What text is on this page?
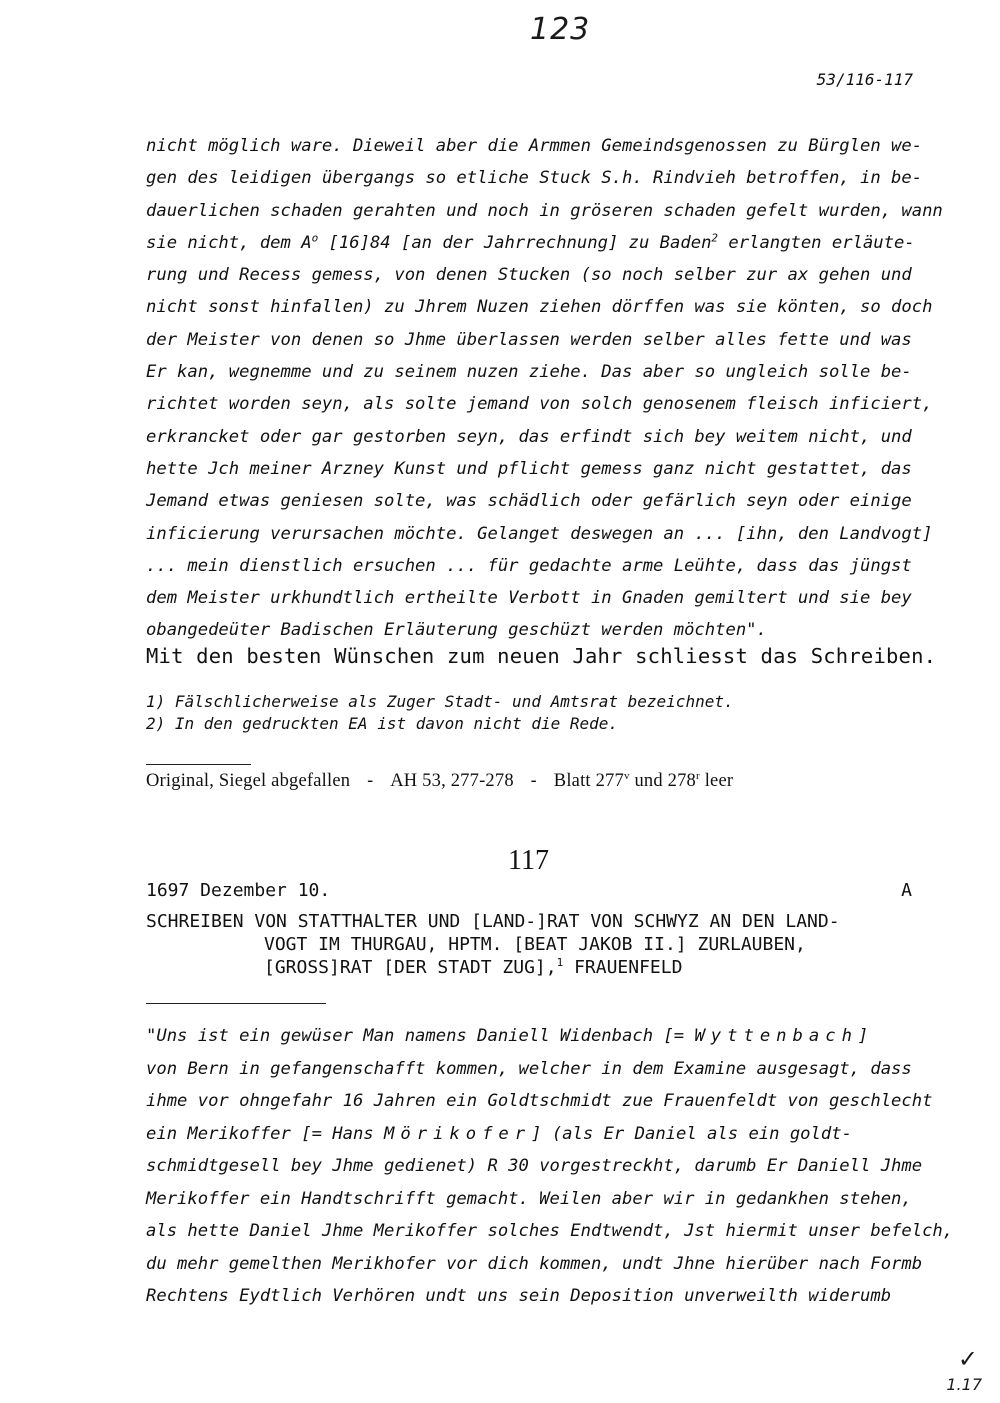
123
53/116-117
nicht möglich ware. Dieweil aber die Armmen Gemeindsgenossen zu Bürglen we-
gen des leidigen übergangs so etliche Stuck S.h. Rindvieh betroffen, in be-
dauerlichen schaden gerahten und noch in gröseren schaden gefelt wurden, wann
sie nicht, dem $A^o$ [16]84 [an der Jahrrechnung] zu Baden$^2$ erlangten erläute-
rung und Recess gemess, von denen Stucken (so noch selber zur ax gehen und
nicht sonst hinfallen) zu Jhrem Nuzen ziehen dörffen was sie könten, so doch
der Meister von denen so Jhme überlassen werden selber alles fette und was
Er kan, wegnemme und zu seinem nuzen ziehe. Das aber so ungleich solle be-
richtet worden seyn, als solte jemand von solch genosenem fleisch inficiert,
erkrancket oder gar gestorben seyn, das erfindt sich bey weitem nicht, und
hette Jch meiner Arzney Kunst und pflicht gemess ganz nicht gestattet, das
Jemand etwas geniesen solte, was schädlich oder gefärlich seyn oder einige
inficierung verursachen möchte. Gelanget deswegen an ... [ihn, den Landvogt]
... mein dienstlich ersuchen ... für gedachte arme Leühte, dass das jüngst
dem Meister urkhundtlich ertheilte Verbott in Gnaden gemiltert und sie bey
obangedeüter Badischen Erläuterung geschüzt werden möchten".
Mit den besten Wünschen zum neuen Jahr schliesst das Schreiben.
1) Fälschlicherweise als Zuger Stadt- und Amtsrat bezeichnet.
2) In den gedruckten EA ist davon nicht die Rede.
Original, Siegel abgefallen - AH 53, 277-278 - Blatt 277$^v$ und 278$^r$ leer
117
1697 Dezember 10.	A
SCHREIBEN VON STATTHALTER UND [LAND-]RAT VON SCHWYZ AN DEN LAND-
VOGT IM THURGAU, HPTM. [BEAT JAKOB II.] ZURLAUBEN,
[GROSS]RAT [DER STADT ZUG],$^1$ FRAUENFELD
"Uns ist ein gewüser Man namens Daniell Widenbach [= Wyttenbach]
von Bern in gefangenschafft kommen, welcher in dem Examine ausgesagt, dass
ihme vor ohngefahr 16 Jahren ein Goldtschmidt zue Frauenfeldt von geschlecht
ein Merikoffer [= Hans Mörikofer] (als Er Daniel als ein goldt-
schmidtgesell bey Jhme gedienet) R 30 vorgestreckht, darumb Er Daniell Jhme
Merikoffer ein Handtschrifft gemacht. Weilen aber wir in gedankhen stehen,
als hette Daniel Jhme Merikoffer solches Endtwendt, Jst hiermit unser befelch,
du mehr gemelthen Merikhofer vor dich kommen, undt Jhne hierüber nach Formb
Rechtens Eydtlich Verhören undt uns sein Deposition unverweilth widerumb
✓
1.17
